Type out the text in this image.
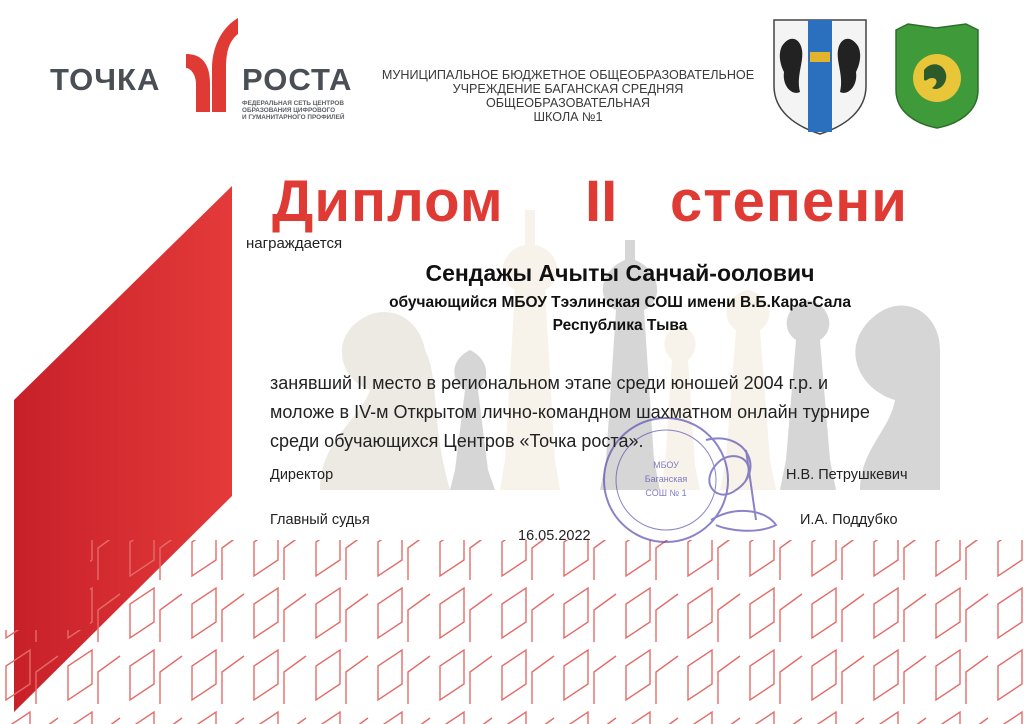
МБОУ
Баганская
СОШ № 1
ТОЧКА	РОСТА
ФЕДЕРАЛЬНАЯ СЕТЬ ЦЕНТРОВ
ОБРАЗОВАНИЯ ЦИФРОВОГО
И ГУМАНИТАРНОГО ПРОФИЛЕЙ
МУНИЦИПАЛЬНОЕ БЮДЖЕТНОЕ ОБЩЕОБРАЗОВАТЕЛЬНОЕ
УЧРЕЖДЕНИЕ БАГАНСКАЯ СРЕДНЯЯ ОБЩЕОБРАЗОВАТЕЛЬНАЯ
ШКОЛА №1
Диплом II степени
награждается
Сендажы Ачыты Санчай-оолович
обучающийся МБОУ Тээлинская СОШ имени В.Б.Кара-Сала
Республика Тыва
занявший II место в региональном этапе среди юношей 2004 г.р. и
моложе в IV-м Открытом лично-командном шахматном онлайн турнире
среди обучающихся Центров «Точка роста».
Директор	Н.В. Петрушкевич
Главный судья	И.А. Поддубко
16.05.2022
